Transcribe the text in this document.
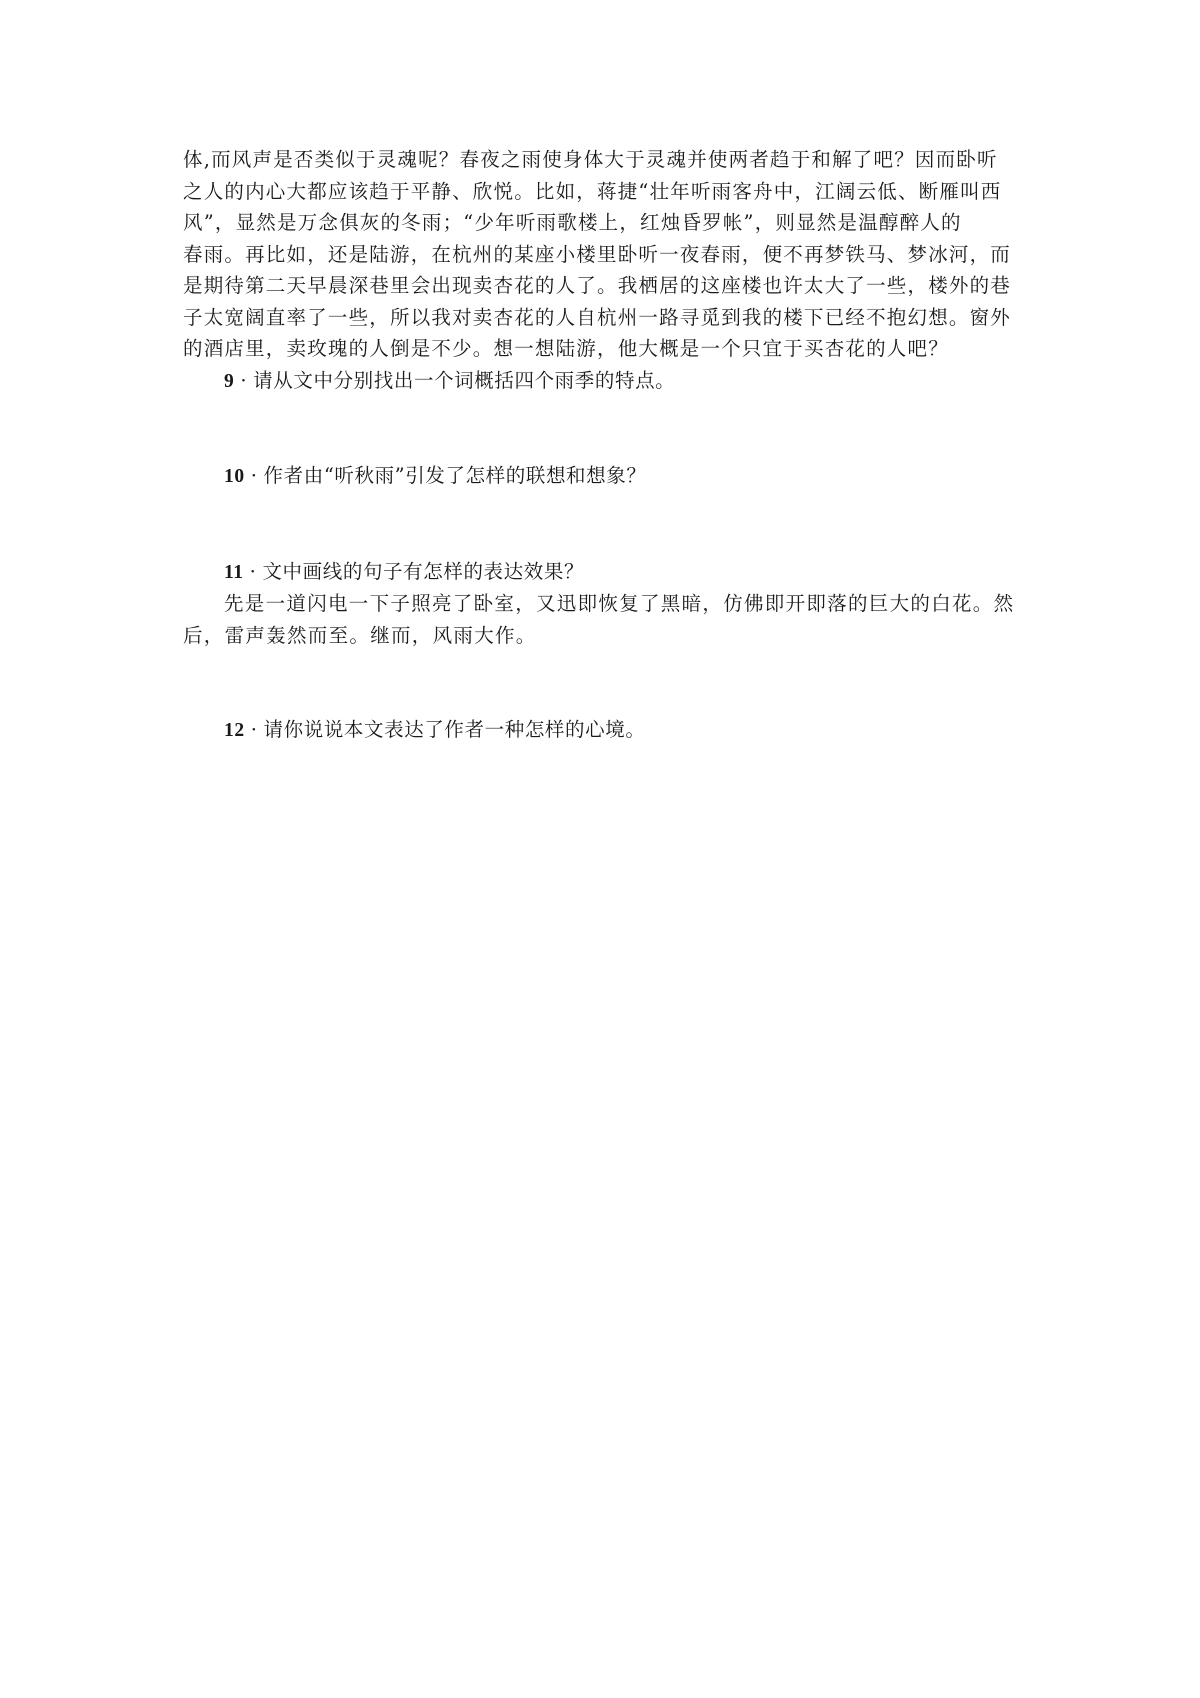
体,而风声是否类似于灵魂呢？春夜之雨使身体大于灵魂并使两者趋于和解了吧？因而卧听
之人的内心大都应该趋于平静、欣悦。比如，蒋捷“壮年听雨客舟中，江阔云低、断雁叫西
风”，显然是万念俱灰的冬雨；“少年听雨歌楼上，红烛昏罗帐”，则显然是温醇醉人的
春雨。再比如，还是陆游，在杭州的某座小楼里卧听一夜春雨，便不再梦铁马、梦冰河，而
是期待第二天早晨深巷里会出现卖杏花的人了。我栖居的这座楼也许太大了一些，楼外的巷
子太宽阔直率了一些，所以我对卖杏花的人自杭州一路寻觅到我的楼下已经不抱幻想。窗外
的酒店里，卖玫瑰的人倒是不少。想一想陆游，他大概是一个只宜于买杏花的人吧？

9 · 请从文中分别找出一个词概括四个雨季的特点。

10 · 作者由“听秋雨”引发了怎样的联想和想象？

11 · 文中画线的句子有怎样的表达效果？

先是一道闪电一下子照亮了卧室，又迅即恢复了黑暗，仿佛即开即落的巨大的白花。然
后，雷声轰然而至。继而，风雨大作。

12 · 请你说说本文表达了作者一种怎样的心境。
